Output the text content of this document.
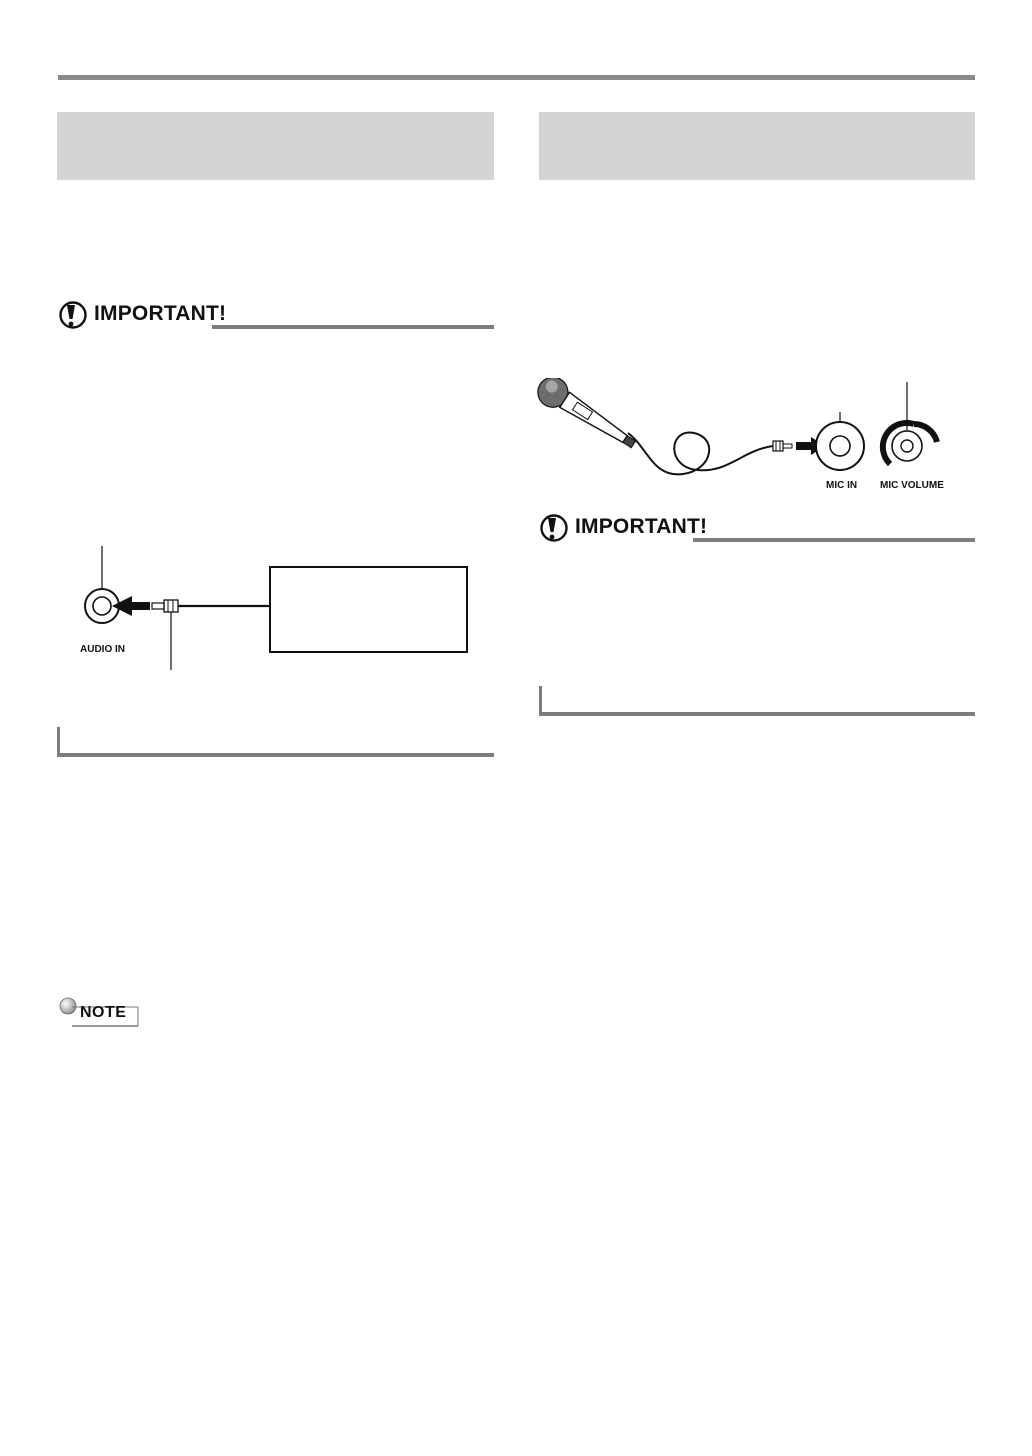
IMPORTANT!
AUDIO IN
NOTE
MIC IN MIC VOLUME
IMPORTANT!
